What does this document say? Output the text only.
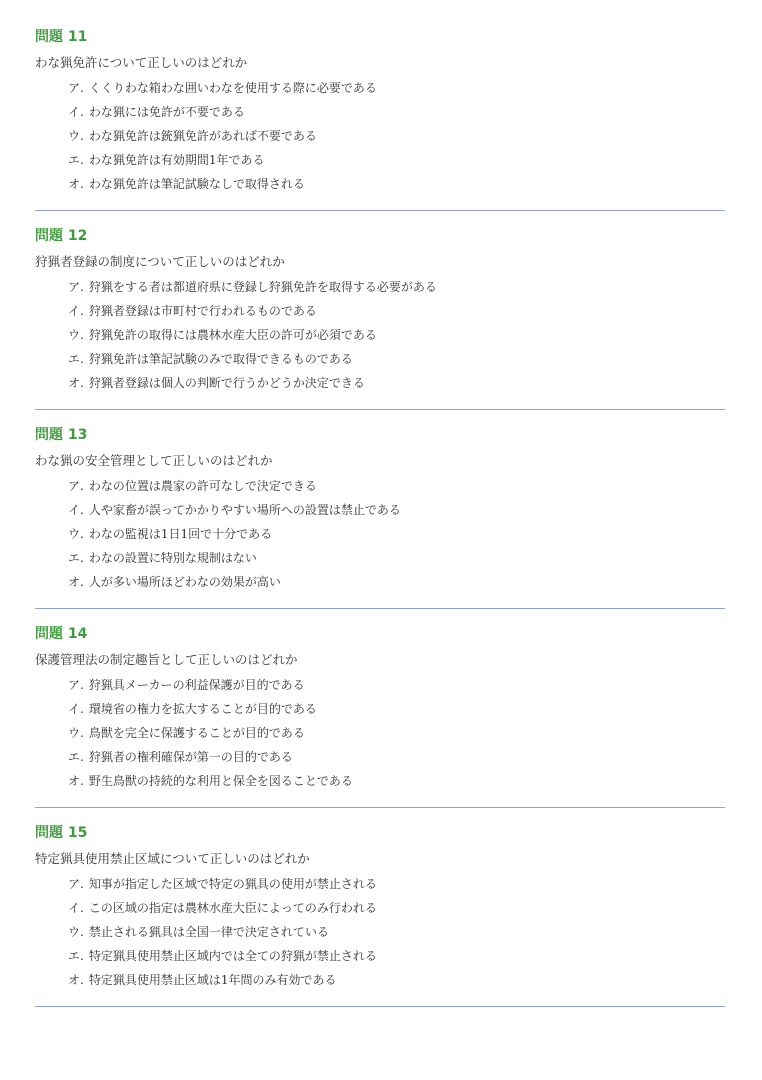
問題 11
わな猟免許について正しいのはどれか
ア. くくりわな箱わな囲いわなを使用する際に必要である
イ. わな猟には免許が不要である
ウ. わな猟免許は銃猟免許があれば不要である
エ. わな猟免許は有効期間1年である
オ. わな猟免許は筆記試験なしで取得される
問題 12
狩猟者登録の制度について正しいのはどれか
ア. 狩猟をする者は都道府県に登録し狩猟免許を取得する必要がある
イ. 狩猟者登録は市町村で行われるものである
ウ. 狩猟免許の取得には農林水産大臣の許可が必須である
エ. 狩猟免許は筆記試験のみで取得できるものである
オ. 狩猟者登録は個人の判断で行うかどうか決定できる
問題 13
わな猟の安全管理として正しいのはどれか
ア. わなの位置は農家の許可なしで決定できる
イ. 人や家畜が誤ってかかりやすい場所への設置は禁止である
ウ. わなの監視は1日1回で十分である
エ. わなの設置に特別な規制はない
オ. 人が多い場所ほどわなの効果が高い
問題 14
保護管理法の制定趣旨として正しいのはどれか
ア. 狩猟具メーカーの利益保護が目的である
イ. 環境省の権力を拡大することが目的である
ウ. 鳥獣を完全に保護することが目的である
エ. 狩猟者の権利確保が第一の目的である
オ. 野生鳥獣の持続的な利用と保全を図ることである
問題 15
特定猟具使用禁止区域について正しいのはどれか
ア. 知事が指定した区域で特定の猟具の使用が禁止される
イ. この区域の指定は農林水産大臣によってのみ行われる
ウ. 禁止される猟具は全国一律で決定されている
エ. 特定猟具使用禁止区域内では全ての狩猟が禁止される
オ. 特定猟具使用禁止区域は1年間のみ有効である
